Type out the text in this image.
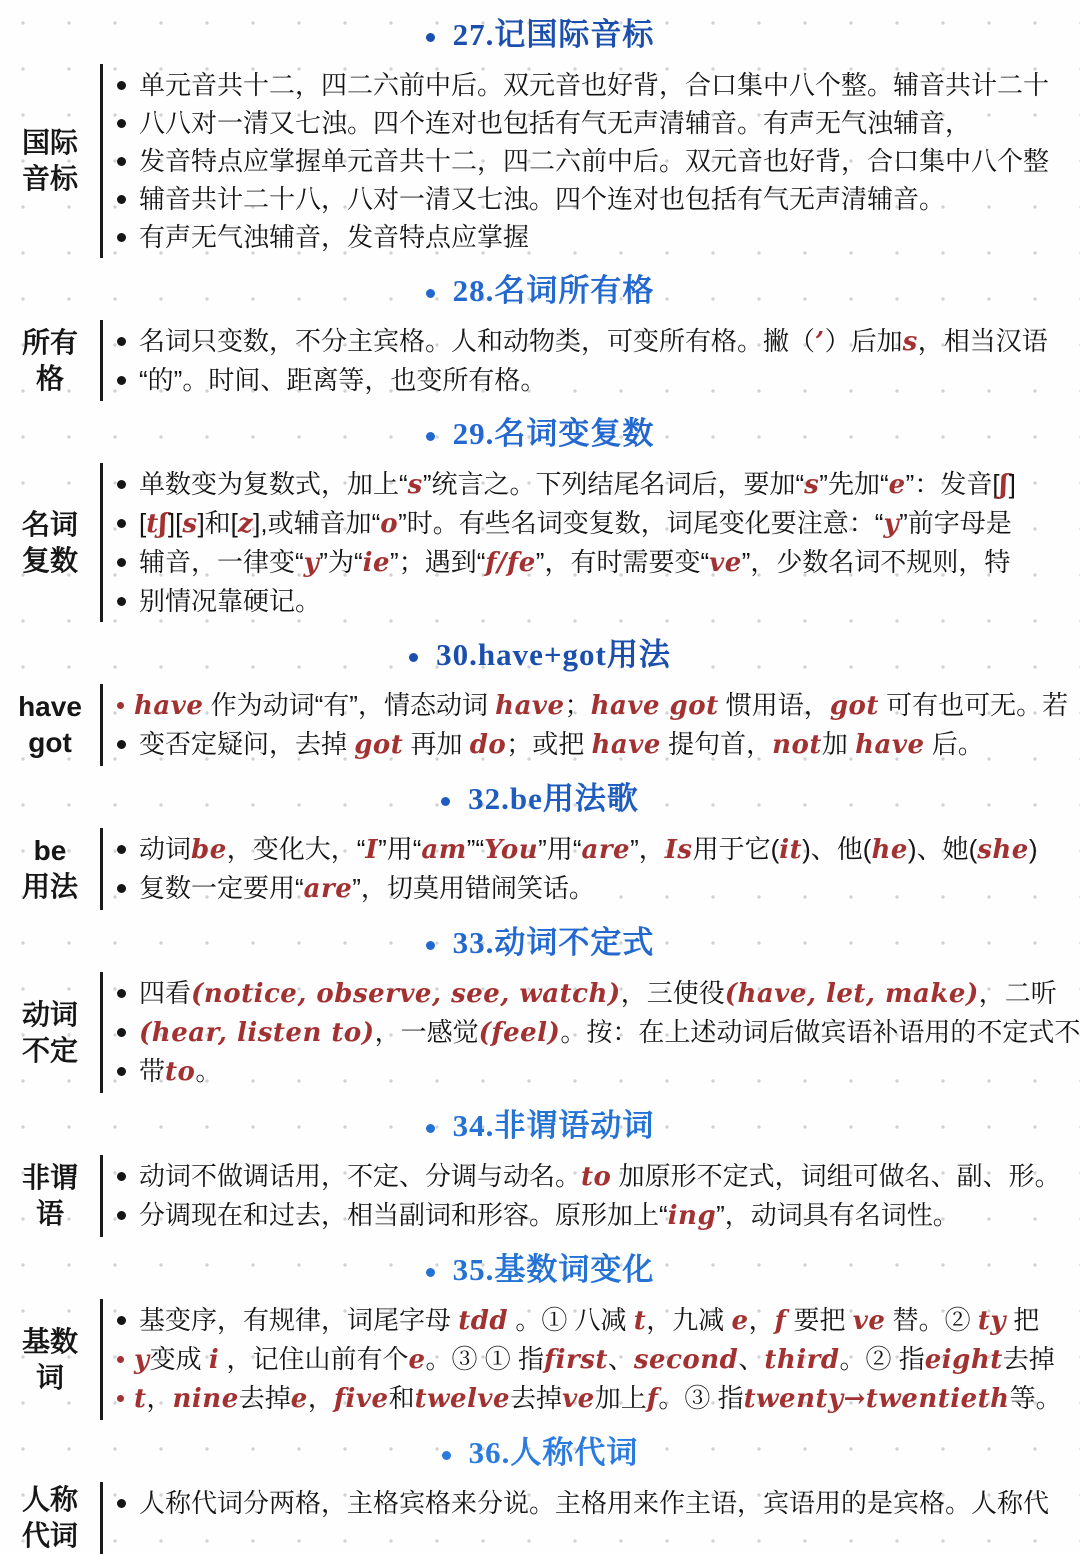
27.记国际音标
国际
音标
单元音共十二，四二六前中后。双元音也好背，合口集中八个整。辅音共计二十
八八对一清又七浊。四个连对也包括有气无声清辅音。有声无气浊辅音，
发音特点应掌握单元音共十二，四二六前中后。双元音也好背，合口集中八个整
辅音共计二十八，八对一清又七浊。四个连对也包括有气无声清辅音。
有声无气浊辅音，发音特点应掌握
28.名词所有格
所有
格
名词只变数，不分主宾格。人和动物类，可变所有格。撇（’）后加s，相当汉语
“的”。时间、距离等，也变所有格。
29.名词变复数
名词
复数
单数变为复数式，加上“s”统言之。下列结尾名词后，要加“s”先加“e”：发音[ʃ]
[tʃ][s]和[z],或辅音加“o”时。有些名词变复数，词尾变化要注意：“y”前字母是
辅音，一律变“y”为“ie”；遇到“f/fe”，有时需要变“ve”，少数名词不规则，特
别情况靠硬记。
30.have+got用法
have
got
have 作为动词“有”，情态动词 have；have got 惯用语，got 可有也可无。若
变否定疑问，去掉 got 再加 do；或把 have 提句首，not加 have 后。
32.be用法歌
be
用法
动词be，变化大，“I”用“am”“You”用“are”，Is用于它(it)、他(he)、她(she)
复数一定要用“are”，切莫用错闹笑话。
33.动词不定式
动词
不定
四看(notice, observe, see, watch)，三使役(have, let, make)，二听
(hear, listen to)，一感觉(feel)。按：在上述动词后做宾语补语用的不定式不
带to。
34.非谓语动词
非谓
语
动词不做调话用，不定、分调与动名。to 加原形不定式，词组可做名、副、形。
分调现在和过去，相当副词和形容。原形加上“ing”，动词具有名词性。
35.基数词变化
基数
词
基变序，有规律，词尾字母 tdd 。① 八减 t，九减 e，f 要把 ve 替。② ty 把
y变成 i ，记住山前有个e。③ ① 指first、second、third。② 指eight去掉
t，nine去掉e，five和twelve去掉ve加上f。③ 指twenty→twentieth等。
36.人称代词
人称
代词
人称代词分两格，主格宾格来分说。主格用来作主语，宾语用的是宾格。人称代
